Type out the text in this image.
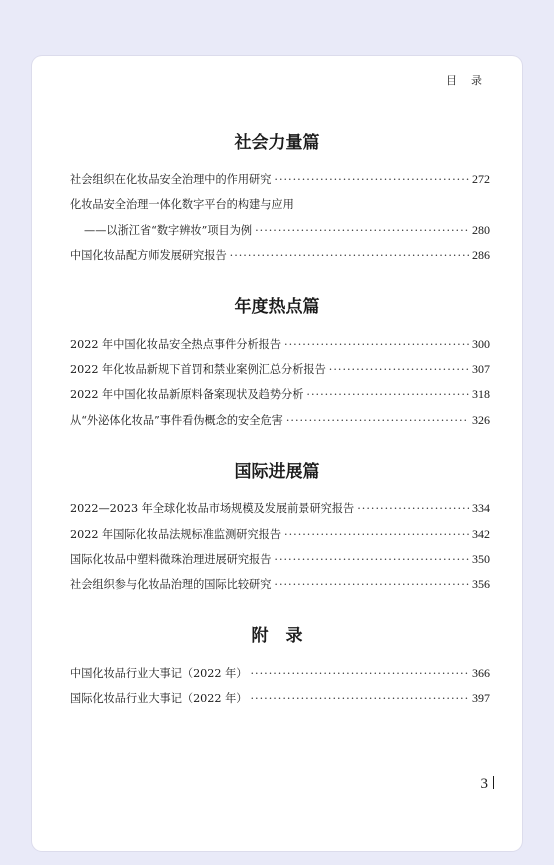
目录
社会力量篇
社会组织在化妆品安全治理中的作用研究 ·····	272
化妆品安全治理一体化数字平台的构建与应用
——以浙江省“数字辨妆”项目为例 ·····	280
中国化妆品配方师发展研究报告 ·····	286
年度热点篇
2022 年中国化妆品安全热点事件分析报告 ·····	300
2022 年化妆品新规下首罚和禁业案例汇总分析报告 ·····	307
2022 年中国化妆品新原料备案现状及趋势分析 ·····	318
从“外泌体化妆品”事件看伪概念的安全危害 ·····	326
国际进展篇
2022—2023 年全球化妆品市场规模及发展前景研究报告 ·····	334
2022 年国际化妆品法规标准监测研究报告 ·····	342
国际化妆品中塑料微珠治理进展研究报告 ·····	350
社会组织参与化妆品治理的国际比较研究 ·····	356
附　录
中国化妆品行业大事记（2022 年） ·····	366
国际化妆品行业大事记（2022 年） ·····	397
3
